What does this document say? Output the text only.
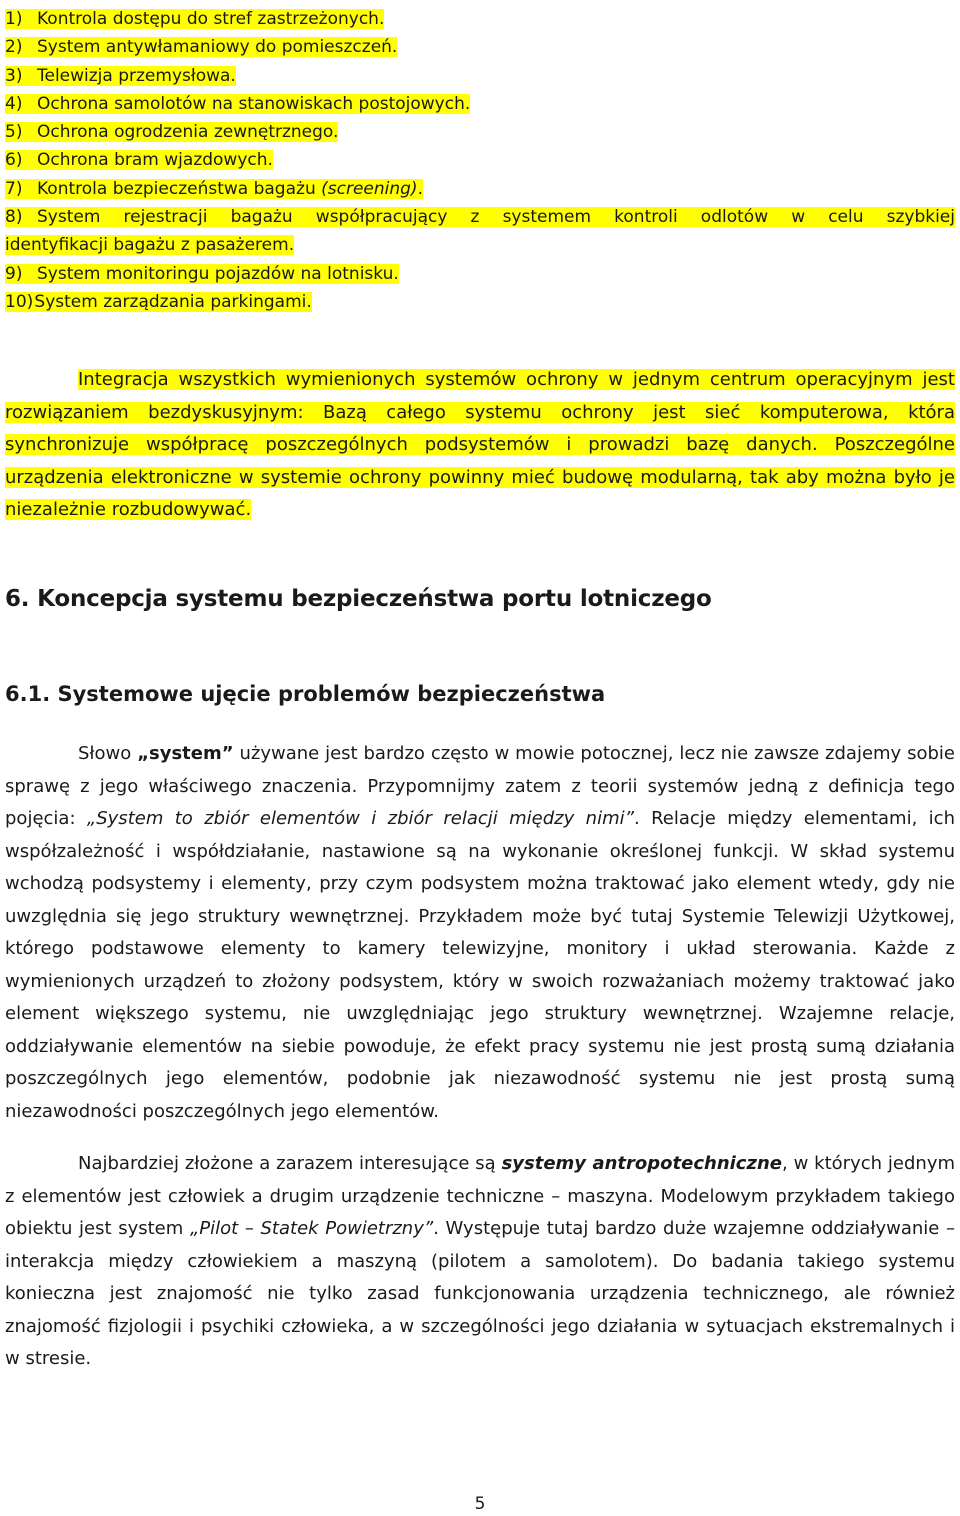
1) Kontrola dostępu do stref zastrzeżonych.
2) System antywłamaniowy do pomieszczeń.
3) Telewizja przemysłowa.
4) Ochrona samolotów na stanowiskach postojowych.
5) Ochrona ogrodzenia zewnętrznego.
6) Ochrona bram wjazdowych.
7) Kontrola bezpieczeństwa bagażu (screening).
8) System rejestracji bagażu współpracujący z systemem kontroli odlotów w celu szybkiej
identyfikacji bagażu z pasażerem.
9) System monitoringu pojazdów na lotnisku.
10) System zarządzania parkingami.

Integracja wszystkich wymienionych systemów ochrony w jednym centrum operacyjnym jest rozwiązaniem bezdyskusyjnym: Bazą całego systemu ochrony jest sieć komputerowa, która synchronizuje współpracę poszczególnych podsystemów i prowadzi bazę danych. Poszczególne urządzenia elektroniczne w systemie ochrony powinny mieć budowę modularną, tak aby można było je niezależnie rozbudowywać.

6. Koncepcja systemu bezpieczeństwa portu lotniczego
6.1. Systemowe ujęcie problemów bezpieczeństwa

Słowo „system” używane jest bardzo często w mowie potocznej, lecz nie zawsze zdajemy sobie sprawę z jego właściwego znaczenia. Przypomnijmy zatem z teorii systemów jedną z definicja tego pojęcia: „System to zbiór elementów i zbiór relacji między nimi”. Relacje między elementami, ich współzależność i współdziałanie, nastawione są na wykonanie określonej funkcji. W skład systemu wchodzą podsystemy i elementy, przy czym podsystem można traktować jako element wtedy, gdy nie uwzględnia się jego struktury wewnętrznej. Przykładem może być tutaj Systemie Telewizji Użytkowej, którego podstawowe elementy to kamery telewizyjne, monitory i układ sterowania. Każde z wymienionych urządzeń to złożony podsystem, który w swoich rozważaniach możemy traktować jako element większego systemu, nie uwzględniając jego struktury wewnętrznej. Wzajemne relacje, oddziaływanie elementów na siebie powoduje, że efekt pracy systemu nie jest prostą sumą działania poszczególnych jego elementów, podobnie jak niezawodność systemu nie jest prostą sumą niezawodności poszczególnych jego elementów.

Najbardziej złożone a zarazem interesujące są systemy antropotechniczne, w których jednym z elementów jest człowiek a drugim urządzenie techniczne – maszyna. Modelowym przykładem takiego obiektu jest system „Pilot – Statek Powietrzny”. Występuje tutaj bardzo duże wzajemne oddziaływanie – interakcja między człowiekiem a maszyną (pilotem a samolotem). Do badania takiego systemu konieczna jest znajomość nie tylko zasad funkcjonowania urządzenia technicznego, ale również znajomość fizjologii i psychiki człowieka, a w szczególności jego działania w sytuacjach ekstremalnych i w stresie.

5
